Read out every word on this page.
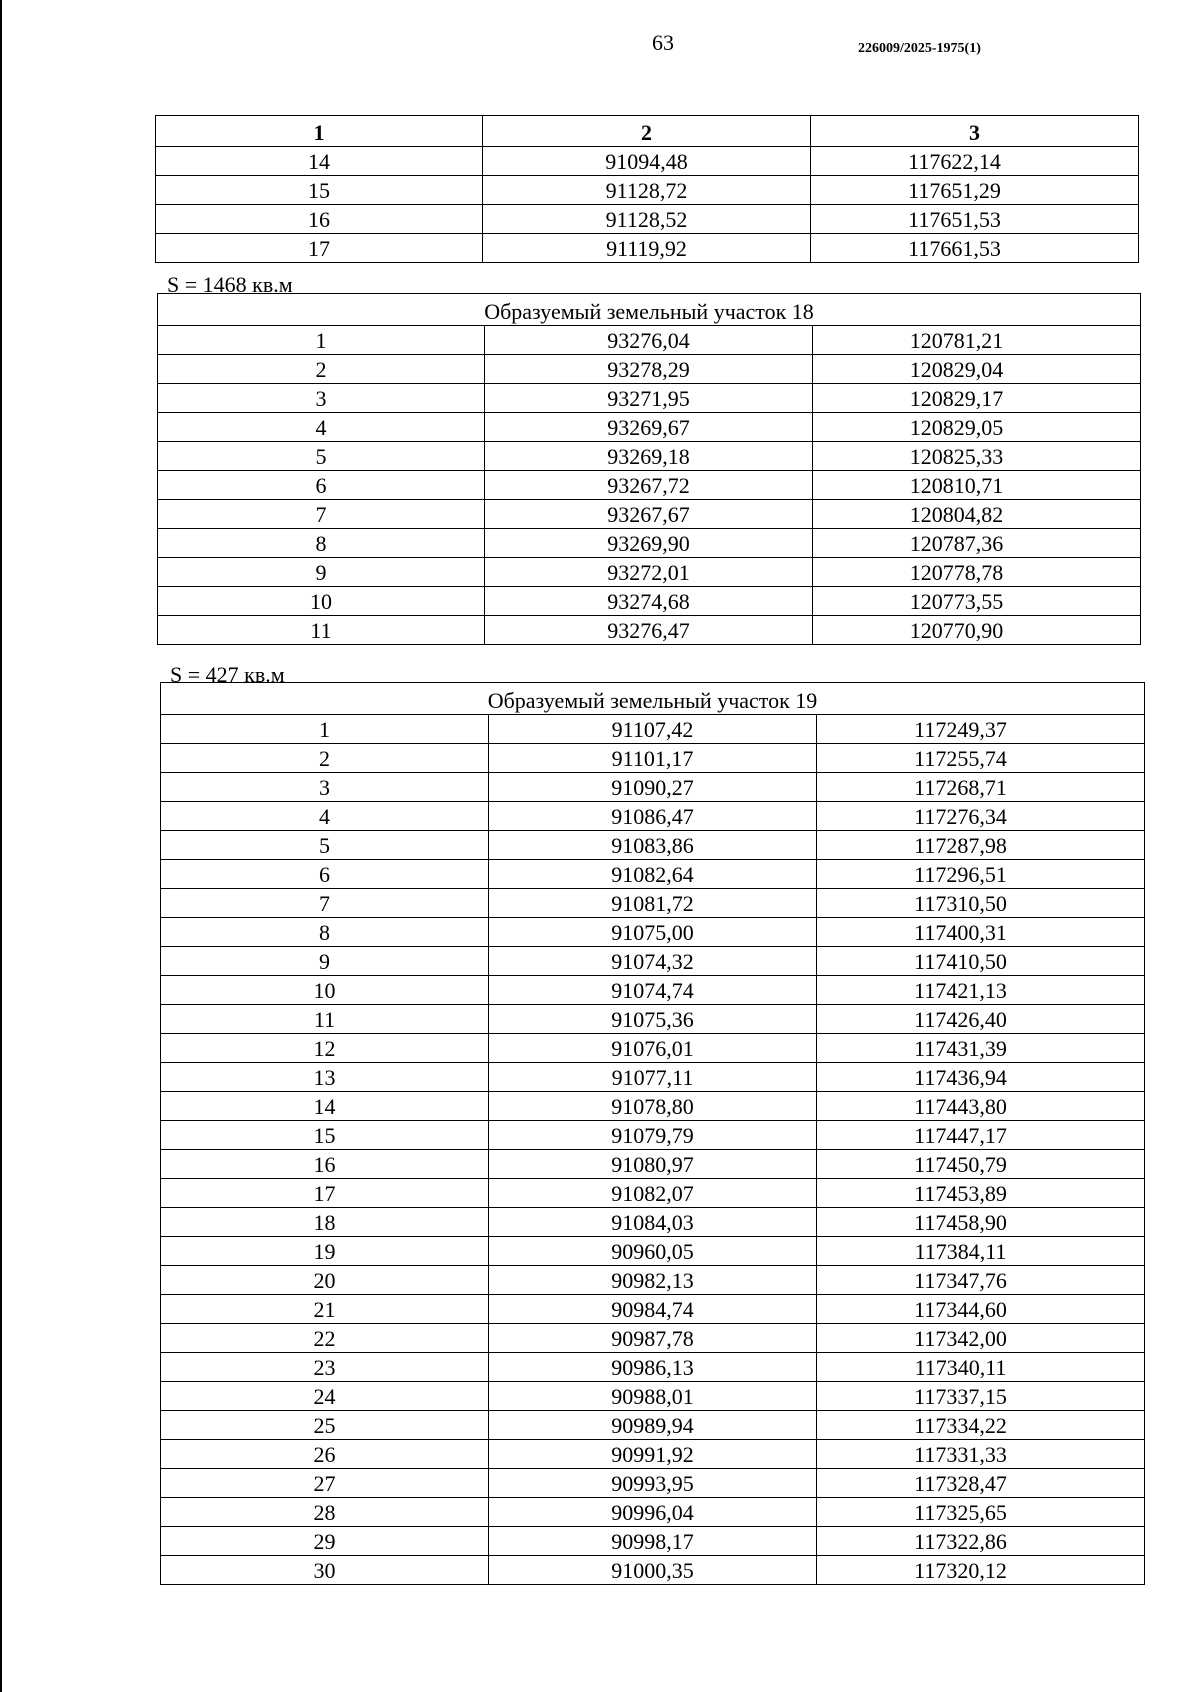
63	226009/2025-1975(1)
1	2	3
14	91094,48	117622,14
15	91128,72	117651,29
16	91128,52	117651,53
17	91119,92	117661,53
S = 1468 кв.м
Образуемый земельный участок 18		
1	93276,04	120781,21
2	93278,29	120829,04
3	93271,95	120829,17
4	93269,67	120829,05
5	93269,18	120825,33
6	93267,72	120810,71
7	93267,67	120804,82
8	93269,90	120787,36
9	93272,01	120778,78
10	93274,68	120773,55
11	93276,47	120770,90
S = 427 кв.м
Образуемый земельный участок 19		
1	91107,42	117249,37
2	91101,17	117255,74
3	91090,27	117268,71
4	91086,47	117276,34
5	91083,86	117287,98
6	91082,64	117296,51
7	91081,72	117310,50
8	91075,00	117400,31
9	91074,32	117410,50
10	91074,74	117421,13
11	91075,36	117426,40
12	91076,01	117431,39
13	91077,11	117436,94
14	91078,80	117443,80
15	91079,79	117447,17
16	91080,97	117450,79
17	91082,07	117453,89
18	91084,03	117458,90
19	90960,05	117384,11
20	90982,13	117347,76
21	90984,74	117344,60
22	90987,78	117342,00
23	90986,13	117340,11
24	90988,01	117337,15
25	90989,94	117334,22
26	90991,92	117331,33
27	90993,95	117328,47
28	90996,04	117325,65
29	90998,17	117322,86
30	91000,35	117320,12
